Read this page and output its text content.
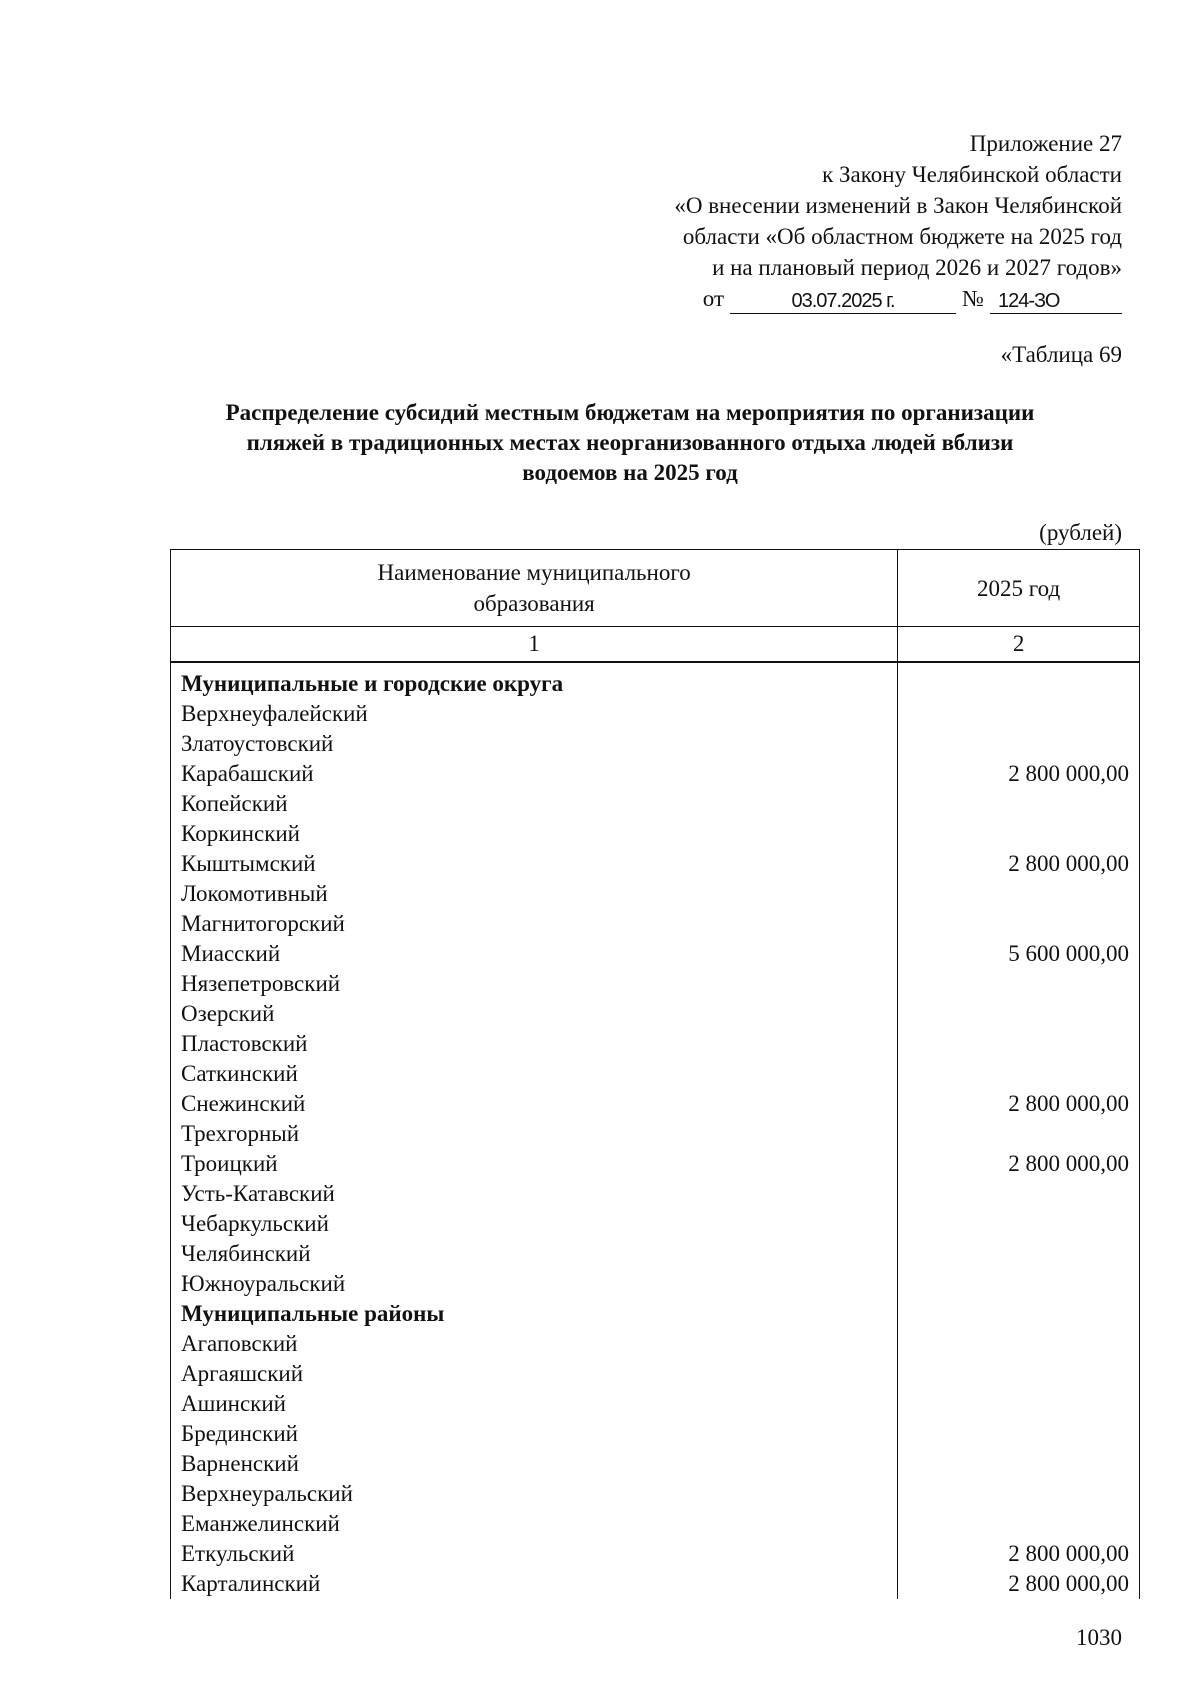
Приложение 27
к Закону Челябинской области
«О внесении изменений в Закон Челябинской
области «Об областном бюджете на 2025 год
и на плановый период 2026 и 2027 годов»
от	03.07.2025 г.	№ 124-ЗО
«Таблица 69
Распределение субсидий местным бюджетам на мероприятия по организации
пляжей в традиционных местах неорганизованного отдыха людей вблизи
водоемов на 2025 год
(рублей)
Наименование муниципального
образования	2025 год
1	2
Муниципальные и городские округа	
Верхнеуфалейский	
Златоустовский	
Карабашский	2 800 000,00
Копейский	
Коркинский	
Кыштымский	2 800 000,00
Локомотивный	
Магнитогорский	
Миасский	5 600 000,00
Нязепетровский	
Озерский	
Пластовский	
Саткинский	
Снежинский	2 800 000,00
Трехгорный	
Троицкий	2 800 000,00
Усть-Катавский	
Чебаркульский	
Челябинский	
Южноуральский	
Муниципальные районы	
Агаповский	
Аргаяшский	
Ашинский	
Брединский	
Варненский	
Верхнеуральский	
Еманжелинский	
Еткульский	2 800 000,00
Карталинский	2 800 000,00
1030
